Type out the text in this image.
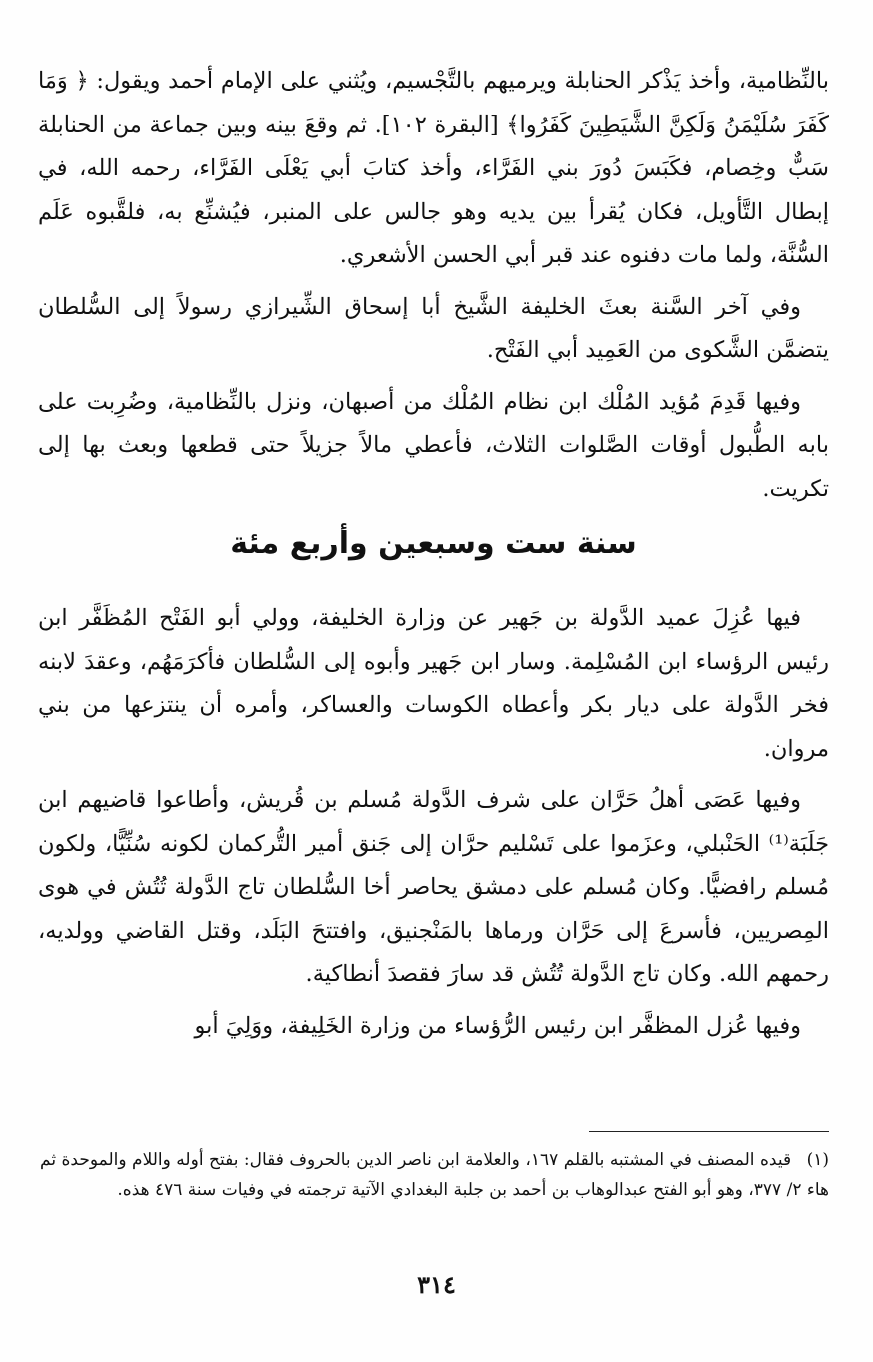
بالنِّظامية، وأخذ يَذْكر الحنابلة ويرميهم بالتَّجْسيم، ويُثني على الإمام أحمد ويقول: ﴿ وَمَا كَفَرَ سُلَيْمَنُ وَلَكِنَّ الشَّيَطِينَ كَفَرُوا﴾ [البقرة ١٠٢]. ثم وقعَ بينه وبين جماعة من الحنابلة سَبٌّ وخِصام، فكَبَسَ دُورَ بني الفَرَّاء، وأخذ كتابَ أبي يَعْلَى الفَرَّاء، رحمه الله، في إبطال التَّأويل، فكان يُقرأ بين يديه وهو جالس على المنبر، فيُشنِّع به، فلقَّبوه عَلَم السُّنَّة، ولما مات دفنوه عند قبر أبي الحسن الأشعري.

وفي آخر السَّنة بعثَ الخليفة الشَّيخ أبا إسحاق الشِّيرازي رسولاً إلى السُّلطان يتضمَّن الشَّكوى من العَمِيد أبي الفَتْح.

وفيها قَدِمَ مُؤيد المُلْك ابن نظام المُلْك من أصبهان، ونزل بالنِّظامية، وضُرِبت على بابه الطُّبول أوقات الصَّلوات الثلاث، فأعطي مالاً جزيلاً حتى قطعها وبعث بها إلى تكريت.

سنة ست وسبعين وأربع مئة

فيها عُزِلَ عميد الدَّولة بن جَهير عن وزارة الخليفة، وولي أبو الفَتْح المُظَفَّر ابن رئيس الرؤساء ابن المُسْلِمة. وسار ابن جَهير وأبوه إلى السُّلطان فأكرَمَهُم، وعقدَ لابنه فخر الدَّولة على ديار بكر وأعطاه الكوسات والعساكر، وأمره أن ينتزعها من بني مروان.

وفيها عَصَى أهلُ حَرَّان على شرف الدَّولة مُسلم بن قُريش، وأطاعوا قاضيهم ابن جَلَبَة⁽¹⁾ الحَنْبلي، وعزَموا على تَسْليم حرَّان إلى جَنق أمير التُّركمان لكونه سُنِّيًّا، ولكون مُسلم رافضيًّا. وكان مُسلم على دمشق يحاصر أخا السُّلطان تاج الدَّولة تُتُش في هوى المِصريين، فأسرعَ إلى حَرَّان ورماها بالمَنْجنيق، وافتتحَ البَلَد، وقتل القاضي وولديه، رحمهم الله. وكان تاج الدَّولة تُتُش قد سارَ فقصدَ أنطاكية.

وفيها عُزل المظفَّر ابن رئيس الرُّؤساء من وزارة الخَلِيفة، ووَلِيَ أبو

(١) قيده المصنف في المشتبه بالقلم ١٦٧، والعلامة ابن ناصر الدين بالحروف فقال: بفتح أوله واللام والموحدة ثم هاء ٢/ ٣٧٧، وهو أبو الفتح عبدالوهاب بن أحمد بن جلبة البغدادي الآتية ترجمته في وفيات سنة ٤٧٦ هذه.

٣١٤
